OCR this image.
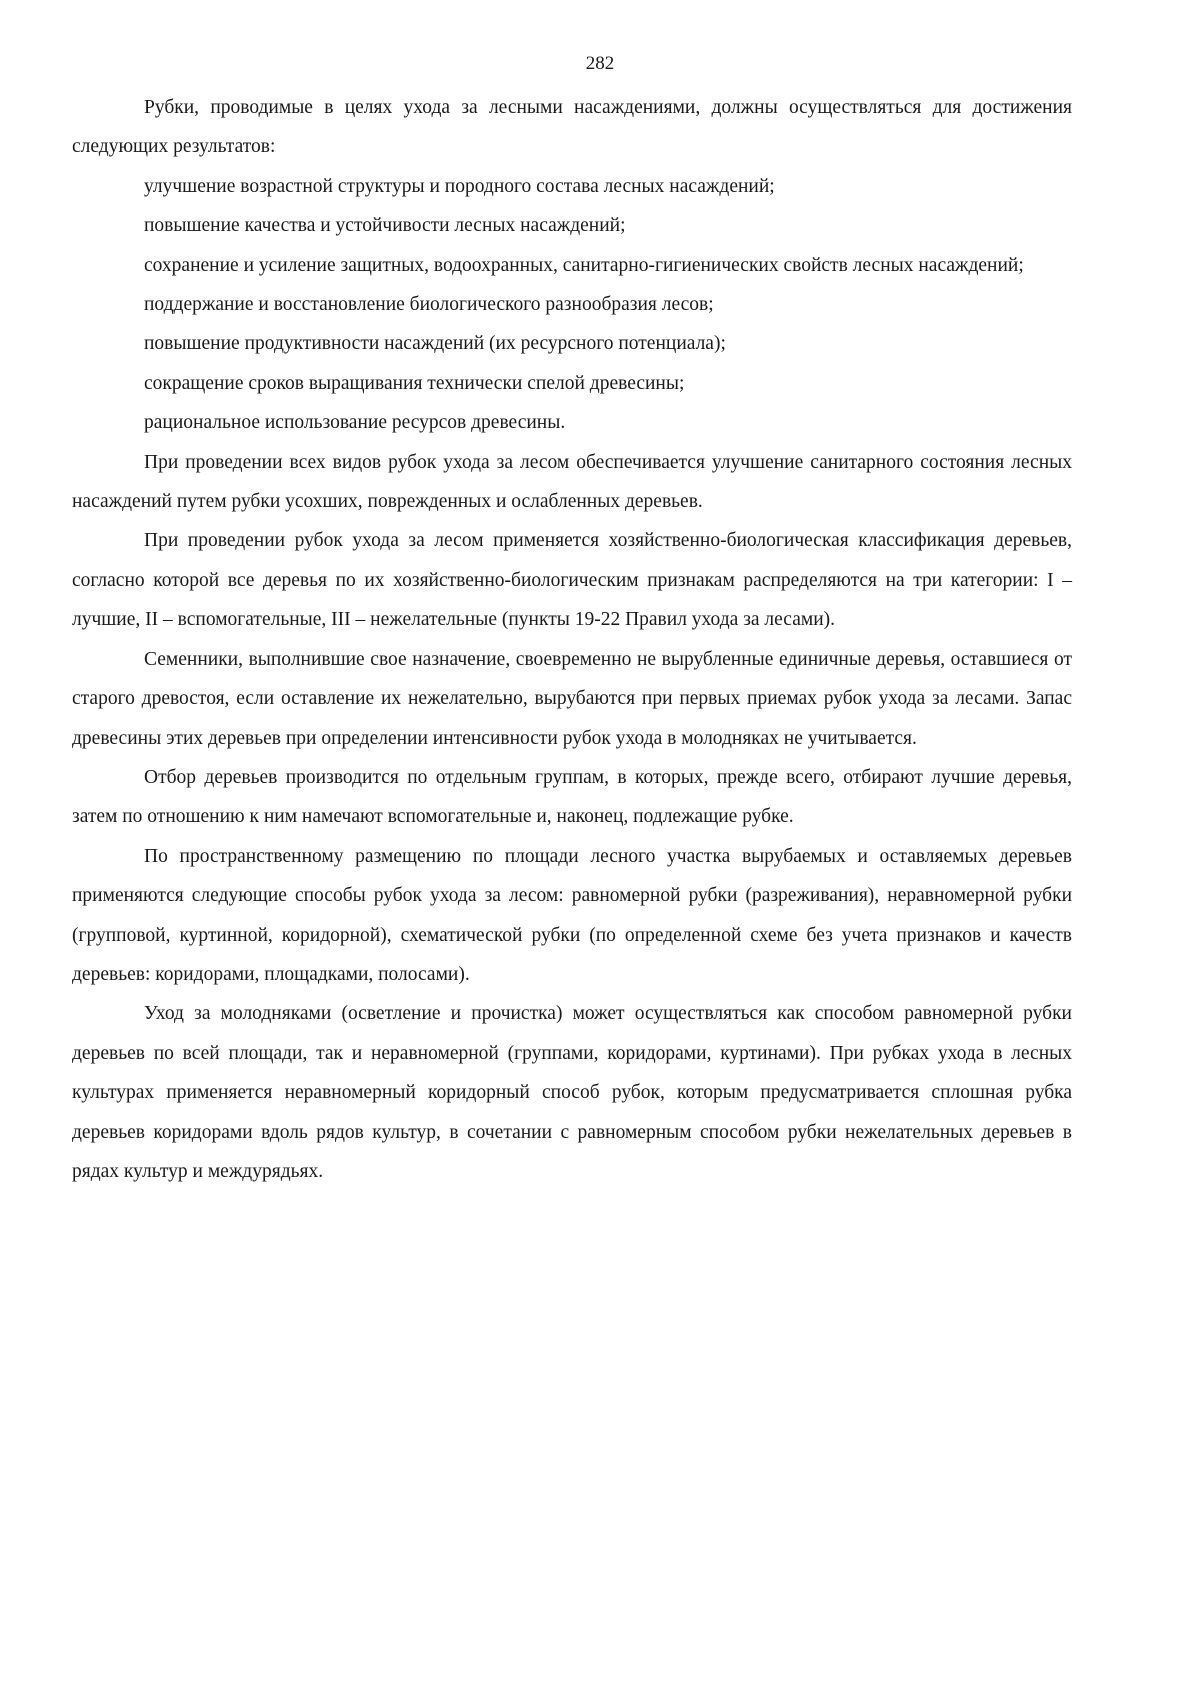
282

Рубки, проводимые в целях ухода за лесными насаждениями, должны осуществляться для достижения следующих результатов:

улучшение возрастной структуры и породного состава лесных насаждений;

повышение качества и устойчивости лесных насаждений;

сохранение и усиление защитных, водоохранных, санитарно-гигиенических свойств лесных насаждений;

поддержание и восстановление биологического разнообразия лесов;

повышение продуктивности насаждений (их ресурсного потенциала);

сокращение сроков выращивания технически спелой древесины;

рациональное использование ресурсов древесины.

При проведении всех видов рубок ухода за лесом обеспечивается улучшение санитарного состояния лесных насаждений путем рубки усохших, поврежденных и ослабленных деревьев.

При проведении рубок ухода за лесом применяется хозяйственно-биологическая классификация деревьев, согласно которой все деревья по их хозяйственно-биологическим признакам распределяются на три категории: I – лучшие, II – вспомогательные, III – нежелательные (пункты 19-22 Правил ухода за лесами).

Семенники, выполнившие свое назначение, своевременно не вырубленные единичные деревья, оставшиеся от старого древостоя, если оставление их нежелательно, вырубаются при первых приемах рубок ухода за лесами. Запас древесины этих деревьев при определении интенсивности рубок ухода в молодняках не учитывается.

Отбор деревьев производится по отдельным группам, в которых, прежде всего, отбирают лучшие деревья, затем по отношению к ним намечают вспомогательные и, наконец, подлежащие рубке.

По пространственному размещению по площади лесного участка вырубаемых и оставляемых деревьев применяются следующие способы рубок ухода за лесом: равномерной рубки (разреживания), неравномерной рубки (групповой, куртинной, коридорной), схематической рубки (по определенной схеме без учета признаков и качеств деревьев: коридорами, площадками, полосами).

Уход за молодняками (осветление и прочистка) может осуществляться как способом равномерной рубки деревьев по всей площади, так и неравномерной (группами, коридорами, куртинами). При рубках ухода в лесных культурах применяется неравномерный коридорный способ рубок, которым предусматривается сплошная рубка деревьев коридорами вдоль рядов культур, в сочетании с равномерным способом рубки нежелательных деревьев в рядах культур и междурядьях.
